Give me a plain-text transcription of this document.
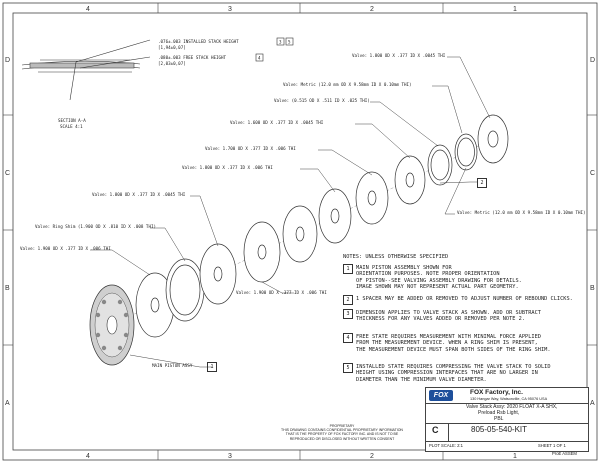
4	3	2	1
4	3	2	1
D
C
B
A
D
C
B
A
.076±.003 INSTALLED STACK HEIGHT
[1,94±0,07]
3 5
.080±.003 FREE STACK HEIGHT
[2,03±0,07]
4
SECTION A-A
SCALE 4:1
Valve: 1.800 OD X .377 ID X .0045 THI
Valve: Metric (12.0 mm OD X 9.58mm ID X 0.10mm THI)
Valve: (0.515 OD X .511 ID X .025 THI)
Valve: 1.600 OD X .377 ID X .0045 THI
Valve: 1.700 OD X .377 ID X .006 THI
Valve: 1.800 OD X .377 ID X .006 THI
Valve: 1.800 OD X .377 ID X .0045 THI
Valve: Ring Shim (1.900 OD X .810 ID X .008 THI)
Valve: 1.900 OD X .377 ID X .006 THI
Valve: 1.900 OD X .377 ID X .006 THI
Valve: Metric (12.0 mm OD X 9.58mm ID X 0.10mm THI)
MAIN PISTON ASSY
2
1
NOTES: UNLESS OTHERWISE SPECIFIED
1	MAIN PISTON ASSEMBLY SHOWN FOR
ORIENTATION PURPOSES. NOTE PROPER ORIENTATION
OF PISTON--SEE VALVING ASSEMBLY DRAWING FOR DETAILS.
IMAGE SHOWN MAY NOT REPRESENT ACTUAL PART GEOMETRY.
2	1 SPACER MAY BE ADDED OR REMOVED TO ADJUST NUMBER OF REBOUND CLICKS.
3	DIMENSION APPLIES TO VALVE STACK AS SHOWN. ADD OR SUBTRACT
THICKNESS FOR ANY VALVES ADDED OR REMOVED PER NOTE 2.
4	FREE STATE REQUIRES MEASUREMENT WITH MINIMAL FORCE APPLIED
FROM THE MEASUREMENT DEVICE. WHEN A RING SHIM IS PRESENT,
THE MEASUREMENT DEVICE MUST SPAN BOTH SIDES OF THE RING SHIM.
5	INSTALLED STATE REQUIRES COMPRESSING THE VALVE STACK TO SOLID
HEIGHT USING COMPRESSION INTERFACES THAT ARE NO LARGER IN
DIAMETER THAN THE MINIMUM VALVE DIAMETER.
FOX	FOX Factory, Inc.
130 Hangar Way, Watsonville, CA 95076 USA
Valve Stack Assy: 2020 FLOAT X-A SHX,
Preload Rsb Light,
PBL
C	805-05-540-KIT
PLOT SCALE: 2:1	SHEET 1 OF 1
PROPRIETARY
THIS DRAWING CONTAINS CONFIDENTIAL PROPRIETARY INFORMATION
THAT IS THE PROPERTY OF FOX FACTORY INC. AND IS NOT TO BE
REPRODUCED OR DISCLOSED WITHOUT WRITTEN CONSENT
ProE ASSEM
